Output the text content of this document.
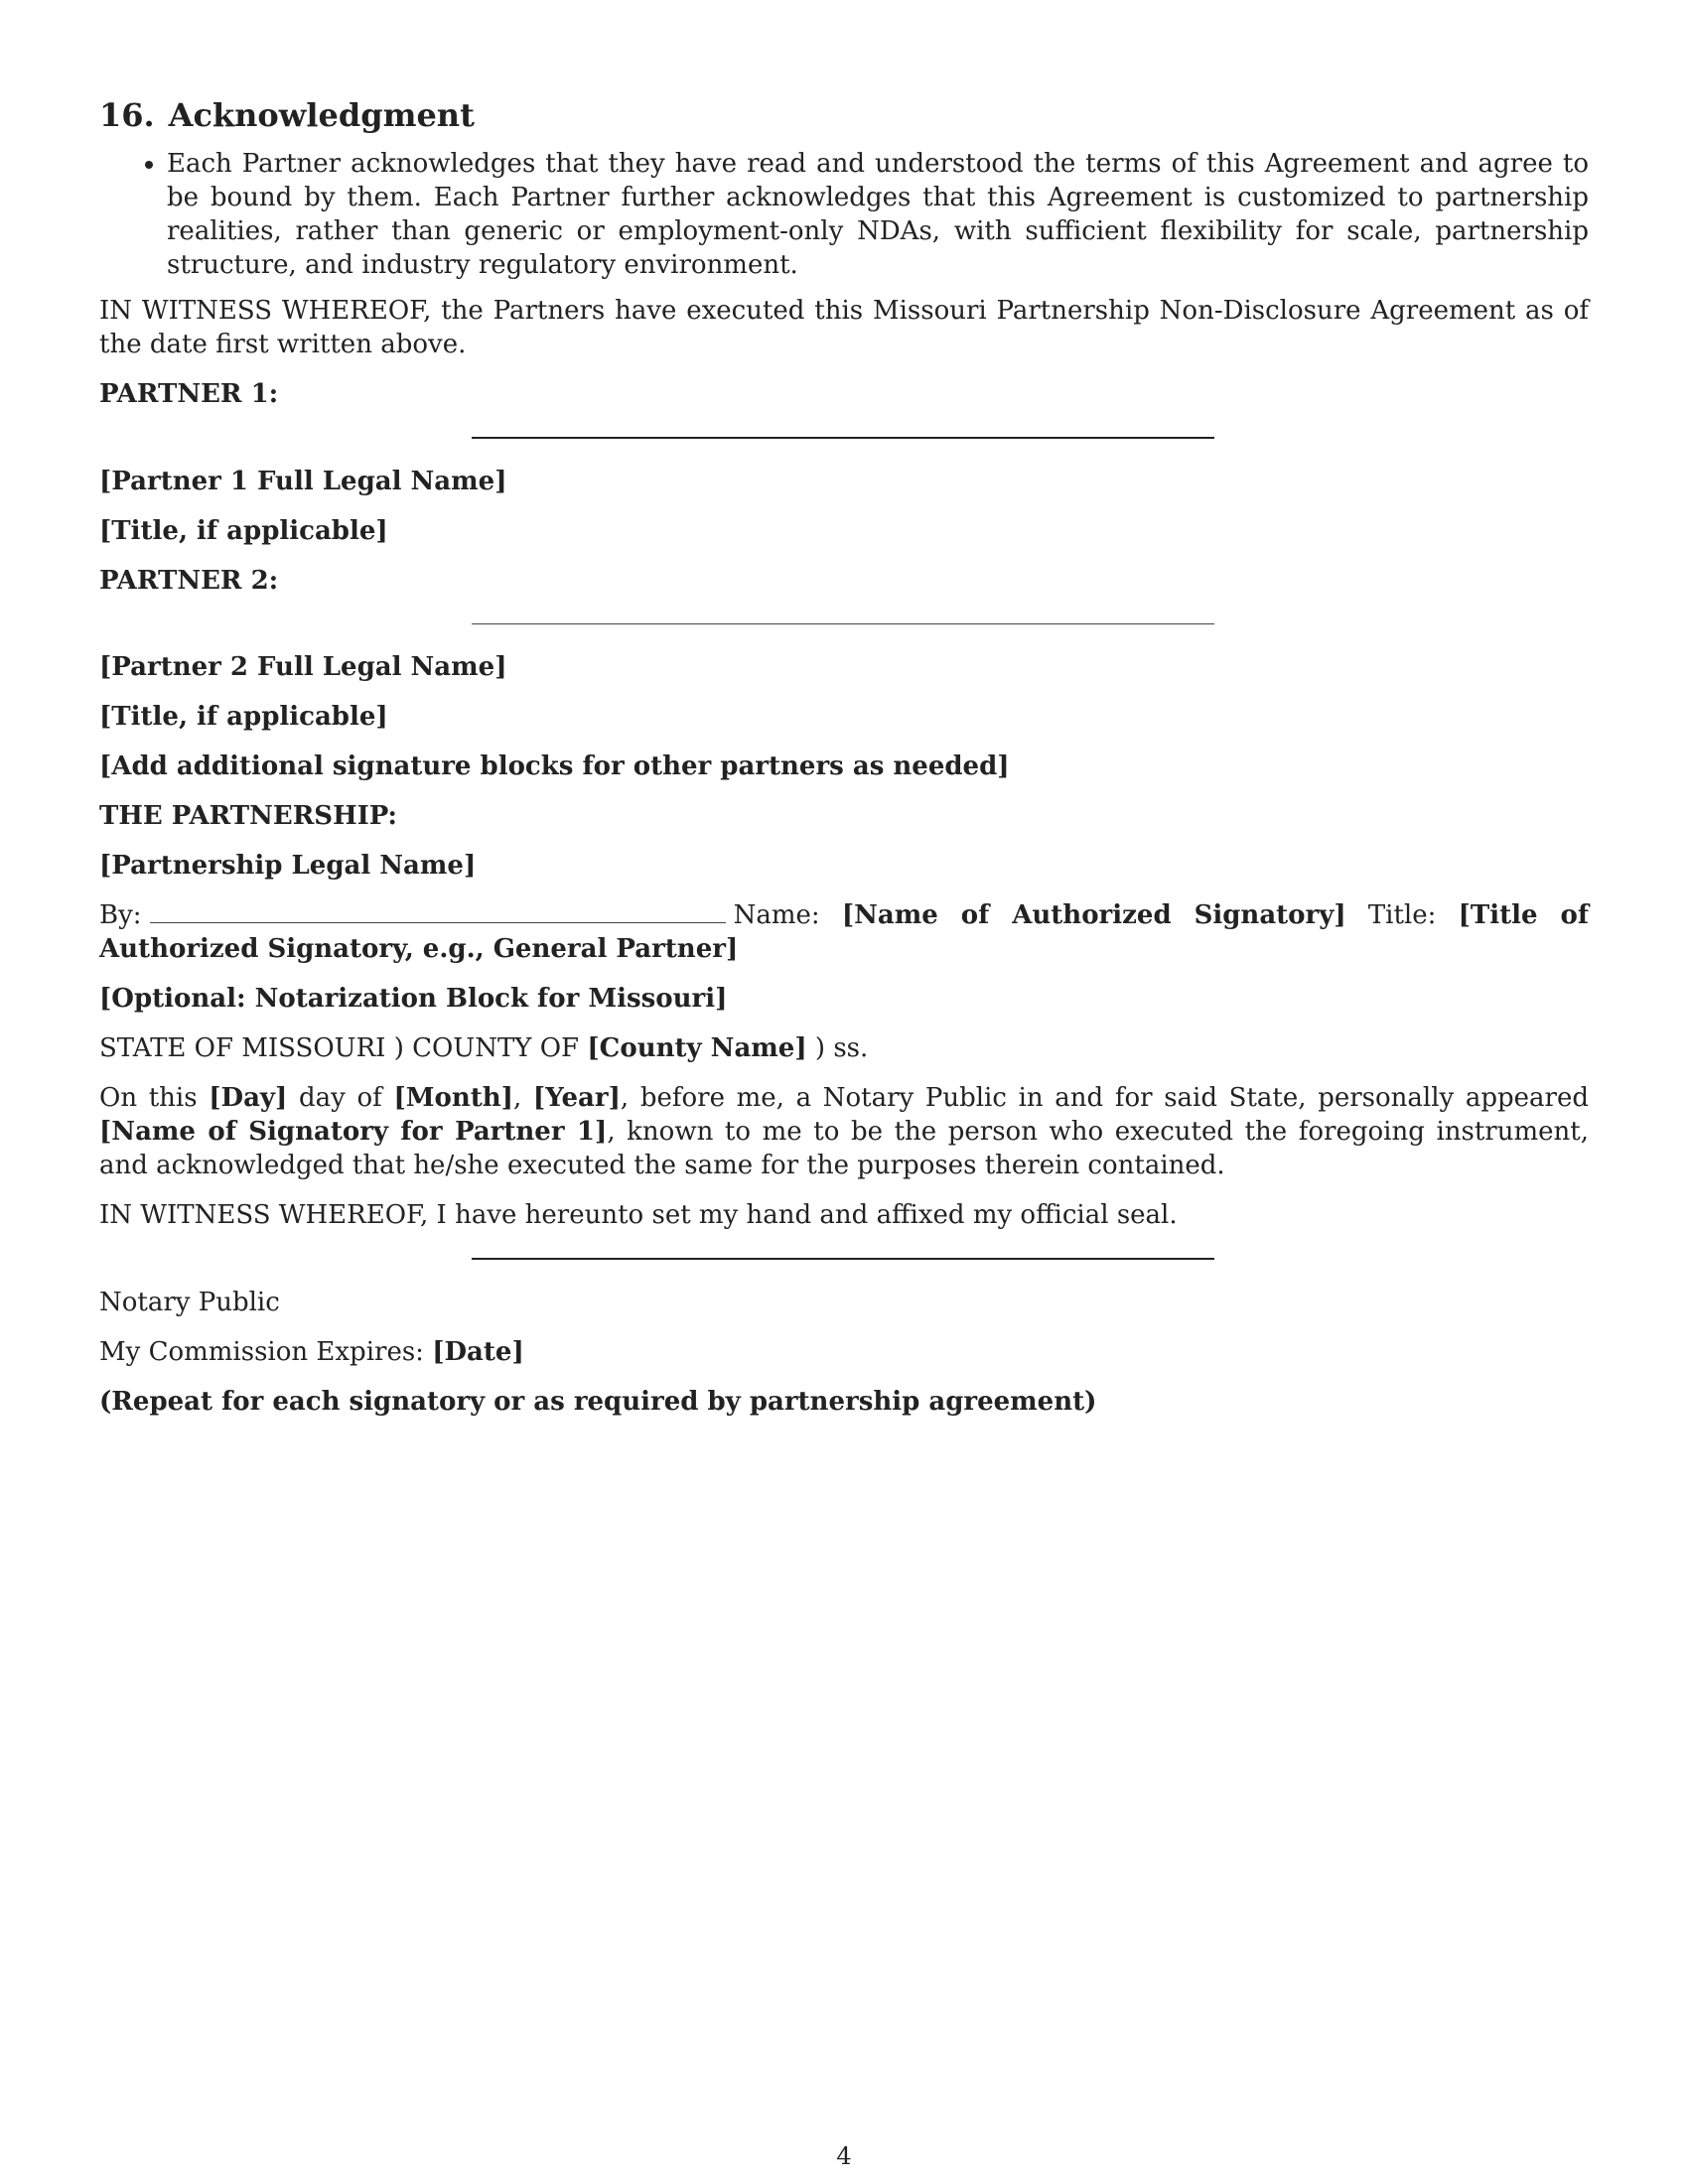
16. Acknowledgment
• Each Partner acknowledges that they have read and understood the terms of this Agreement and agree to be bound by them. Each Partner further acknowledges that this Agreement is customized to partnership realities, rather than generic or employment-only NDAs, with sufficient flexibility for scale, partnership structure, and industry regulatory environment.

IN WITNESS WHEREOF, the Partners have executed this Missouri Partnership Non-Disclosure Agreement as of the date first written above.

PARTNER 1:

[Partner 1 Full Legal Name]

[Title, if applicable]

PARTNER 2:

[Partner 2 Full Legal Name]

[Title, if applicable]

[Add additional signature blocks for other partners as needed]

THE PARTNERSHIP:

[Partnership Legal Name]

By:	Name: [Name of Authorized Signatory] Title: [Title of Authorized Signatory, e.g., General Partner]

[Optional: Notarization Block for Missouri]

STATE OF MISSOURI ) COUNTY OF [County Name] ) ss.

On this [Day] day of [Month], [Year], before me, a Notary Public in and for said State, personally appeared [Name of Signatory for Partner 1], known to me to be the person who executed the foregoing instrument, and acknowledged that he/she executed the same for the purposes therein contained.

IN WITNESS WHEREOF, I have hereunto set my hand and affixed my official seal.

Notary Public

My Commission Expires: [Date]

(Repeat for each signatory or as required by partnership agreement)

4
